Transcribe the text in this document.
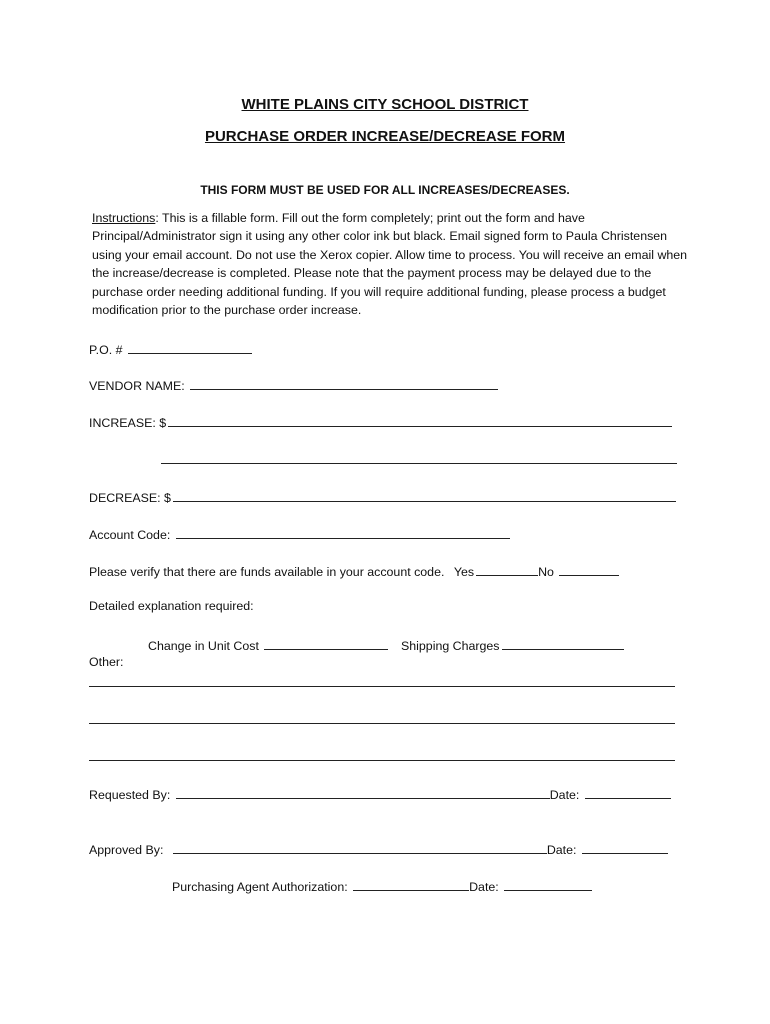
WHITE PLAINS CITY SCHOOL DISTRICT
PURCHASE ORDER INCREASE/DECREASE FORM
THIS FORM MUST BE USED FOR ALL INCREASES/DECREASES.
Instructions: This is a fillable form. Fill out the form completely; print out the form and have Principal/Administrator sign it using any other color ink but black. Email signed form to Paula Christensen using your email account. Do not use the Xerox copier. Allow time to process. You will receive an email when the increase/decrease is completed. Please note that the payment process may be delayed due to the purchase order needing additional funding. If you will require additional funding, please process a budget modification prior to the purchase order increase.
P.O. #
VENDOR NAME:
INCREASE: $
DECREASE: $
Account Code:
Please verify that there are funds available in your account code. Yes	No
Detailed explanation required:
Change in Unit Cost	Shipping Charges
Other:
Requested By:	Date:
Approved By:	Date:
Purchasing Agent Authorization:	Date:
